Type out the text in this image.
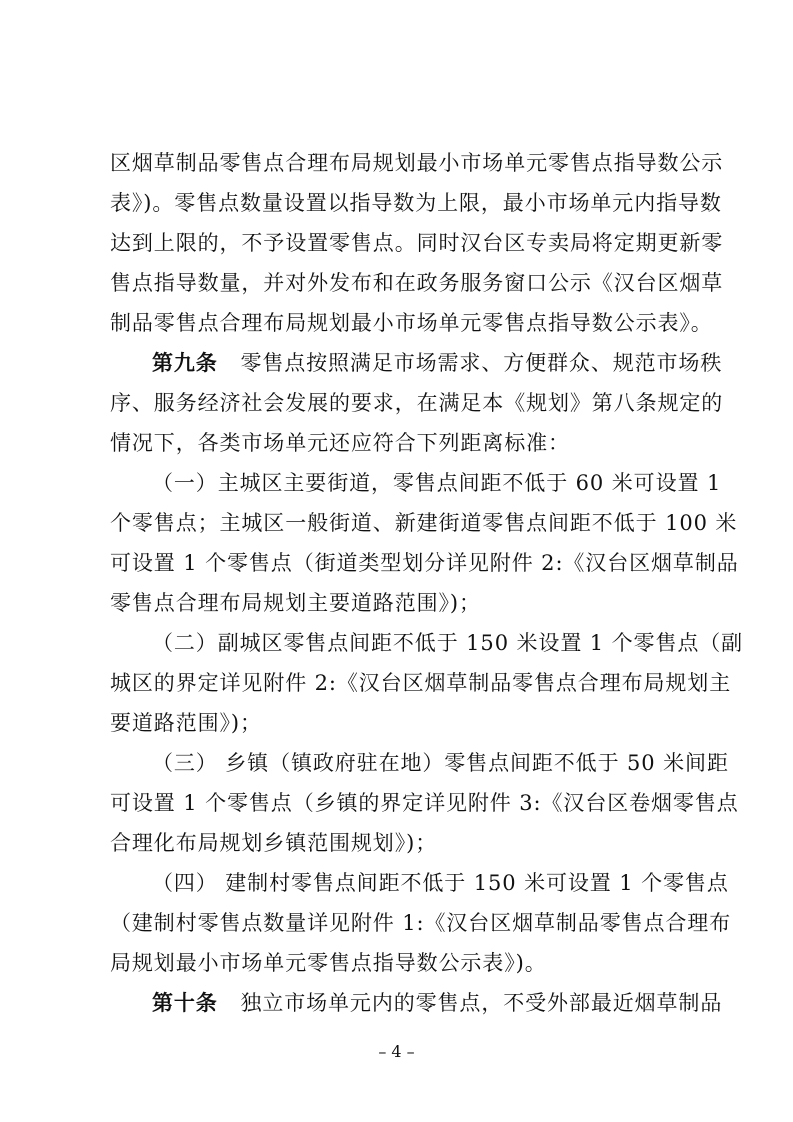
区烟草制品零售点合理布局规划最小市场单元零售点指导数公示
表》)。零售点数量设置以指导数为上限，最小市场单元内指导数
达到上限的，不予设置零售点。同时汉台区专卖局将定期更新零
售点指导数量，并对外发布和在政务服务窗口公示《汉台区烟草
制品零售点合理布局规划最小市场单元零售点指导数公示表》。
第九条 零售点按照满足市场需求、方便群众、规范市场秩
序、服务经济社会发展的要求，在满足本《规划》第八条规定的
情况下，各类市场单元还应符合下列距离标准：
（一）主城区主要街道，零售点间距不低于 60 米可设置 1
个零售点；主城区一般街道、新建街道零售点间距不低于 100 米
可设置 1 个零售点（街道类型划分详见附件 2:《汉台区烟草制品
零售点合理布局规划主要道路范围》)；
（二）副城区零售点间距不低于 150 米设置 1 个零售点（副
城区的界定详见附件 2:《汉台区烟草制品零售点合理布局规划主
要道路范围》)；
（三） 乡镇（镇政府驻在地）零售点间距不低于 50 米间距
可设置 1 个零售点（乡镇的界定详见附件 3:《汉台区卷烟零售点
合理化布局规划乡镇范围规划》)；
（四） 建制村零售点间距不低于 150 米可设置 1 个零售点
（建制村零售点数量详见附件 1:《汉台区烟草制品零售点合理布
局规划最小市场单元零售点指导数公示表》)。
第十条 独立市场单元内的零售点，不受外部最近烟草制品
– 4 –
